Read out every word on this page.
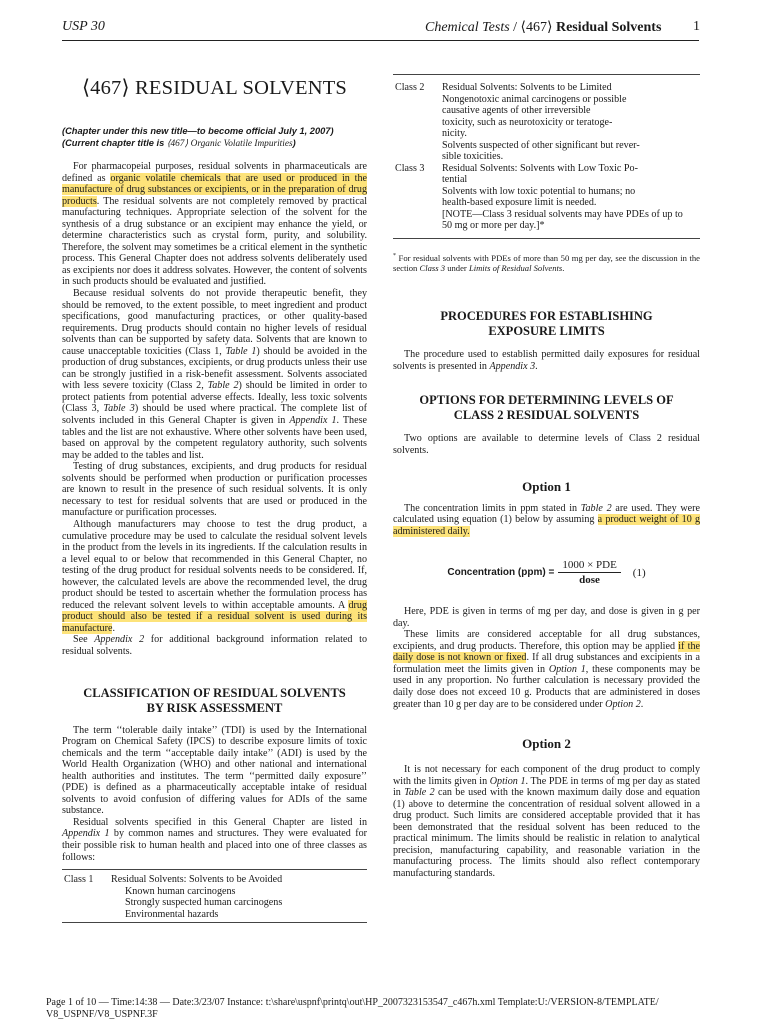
USP 30	Chemical Tests / ⟨467⟩ Residual Solvents 1
⟨467⟩ RESIDUAL SOLVENTS
(Chapter under this new title—to become official July 1, 2007)
(Current chapter title is ⟨467⟩ Organic Volatile Impurities)

For pharmacopeial purposes, residual solvents in pharmaceuticals are defined as organic volatile chemicals that are used or produced in the manufacture of drug substances or excipients, or in the preparation of drug products. The residual solvents are not completely removed by practical manufacturing techniques. Appropriate selection of the solvent for the synthesis of a drug substance or an excipient may enhance the yield, or determine characteristics such as crystal form, purity, and solubility. Therefore, the solvent may sometimes be a critical element in the synthetic process. This General Chapter does not address solvents deliberately used as excipients nor does it address solvates. However, the content of solvents in such products should be evaluated and justified.

Because residual solvents do not provide therapeutic benefit, they should be removed, to the extent possible, to meet ingredient and product specifications, good manufacturing practices, or other quality-based requirements. Drug products should contain no higher levels of residual solvents than can be supported by safety data. Solvents that are known to cause unacceptable toxicities (Class 1, Table 1) should be avoided in the production of drug substances, excipients, or drug products unless their use can be strongly justified in a risk-benefit assessment. Solvents associated with less severe toxicity (Class 2, Table 2) should be limited in order to protect patients from potential adverse effects. Ideally, less toxic solvents (Class 3, Table 3) should be used where practical. The complete list of solvents included in this General Chapter is given in Appendix 1. These tables and the list are not exhaustive. Where other solvents have been used, based on approval by the competent regulatory authority, such solvents may be added to the tables and list.

Testing of drug substances, excipients, and drug products for residual solvents should be performed when production or purification processes are known to result in the presence of such residual solvents. It is only necessary to test for residual solvents that are used or produced in the manufacture or purification processes.

Although manufacturers may choose to test the drug product, a cumulative procedure may be used to calculate the residual solvent levels in the product from the levels in its ingredients. If the calculation results in a level equal to or below that recommended in this General Chapter, no testing of the drug product for residual solvents needs to be considered. If, however, the calculated levels are above the recommended level, the drug product should be tested to ascertain whether the formulation process has reduced the relevant solvent levels to within acceptable amounts. A drug product should also be tested if a residual solvent is used during its manufacture.

See Appendix 2 for additional background information related to residual solvents.

CLASSIFICATION OF RESIDUAL SOLVENTS BY RISK ASSESSMENT

The term ‘‘tolerable daily intake’’ (TDI) is used by the International Program on Chemical Safety (IPCS) to describe exposure limits of toxic chemicals and the term ‘‘acceptable daily intake’’ (ADI) is used by the World Health Organization (WHO) and other national and international health authorities and institutes. The term ‘‘permitted daily exposure’’ (PDE) is defined as a pharmaceutically acceptable intake of residual solvents to avoid confusion of differing values for ADIs of the same substance.

Residual solvents specified in this General Chapter are listed in Appendix 1 by common names and structures. They were evaluated for their possible risk to human health and placed into one of three classes as follows:

Class 1	Residual Solvents: Solvents to be Avoided
Known human carcinogens
Strongly suspected human carcinogens
Environmental hazards
Class 2	Residual Solvents: Solvents to be Limited
Nongenotoxic animal carcinogens or possible
causative agents of other irreversible
toxicity, such as neurotoxicity or teratoge-
nicity.
Solvents suspected of other significant but rever-
sible toxicities.
Class 3	Residual Solvents: Solvents with Low Toxic Po-
tential
Solvents with low toxic potential to humans; no
health-based exposure limit is needed.
[NOTE—Class 3 residual solvents may have PDEs of up to
50 mg or more per day.]*

* For residual solvents with PDEs of more than 50 mg per day, see the discussion in the section Class 3 under Limits of Residual Solvents.

PROCEDURES FOR ESTABLISHING EXPOSURE LIMITS

The procedure used to establish permitted daily exposures for residual solvents is presented in Appendix 3.

OPTIONS FOR DETERMINING LEVELS OF CLASS 2 RESIDUAL SOLVENTS

Two options are available to determine levels of Class 2 residual solvents.

Option 1

The concentration limits in ppm stated in Table 2 are used. They were calculated using equation (1) below by assuming a product weight of 10 g administered daily.

Concentration $(ppm) = \frac{\text{1000 × PDE}}{\text{dose}} (1)$

Here, PDE is given in terms of mg per day, and dose is given in g per day.

These limits are considered acceptable for all drug substances, excipients, and drug products. Therefore, this option may be applied if the daily dose is not known or fixed. If all drug substances and excipients in a formulation meet the limits given in Option 1, these components may be used in any proportion. No further calculation is necessary provided the daily dose does not exceed 10 g. Products that are administered in doses greater than 10 g per day are to be considered under Option 2.

Option 2

It is not necessary for each component of the drug product to comply with the limits given in Option 1. The PDE in terms of mg per day as stated in Table 2 can be used with the known maximum daily dose and equation (1) above to determine the concentration of residual solvent allowed in a drug product. Such limits are considered acceptable provided that it has been demonstrated that the residual solvent has been reduced to the practical minimum. The limits should be realistic in relation to analytical precision, manufacturing capability, and reasonable variation in the manufacturing process. The limits should also reflect contemporary manufacturing standards.

Page 1 of 10 — Time:14:38 — Date:3/23/07 Instance: t:\share\uspnf\printq\out\HP_2007323153547_c467h.xml Template:U:/VERSION-8/TEMPLATE/
V8_USPNF/V8_USPNF.3F
